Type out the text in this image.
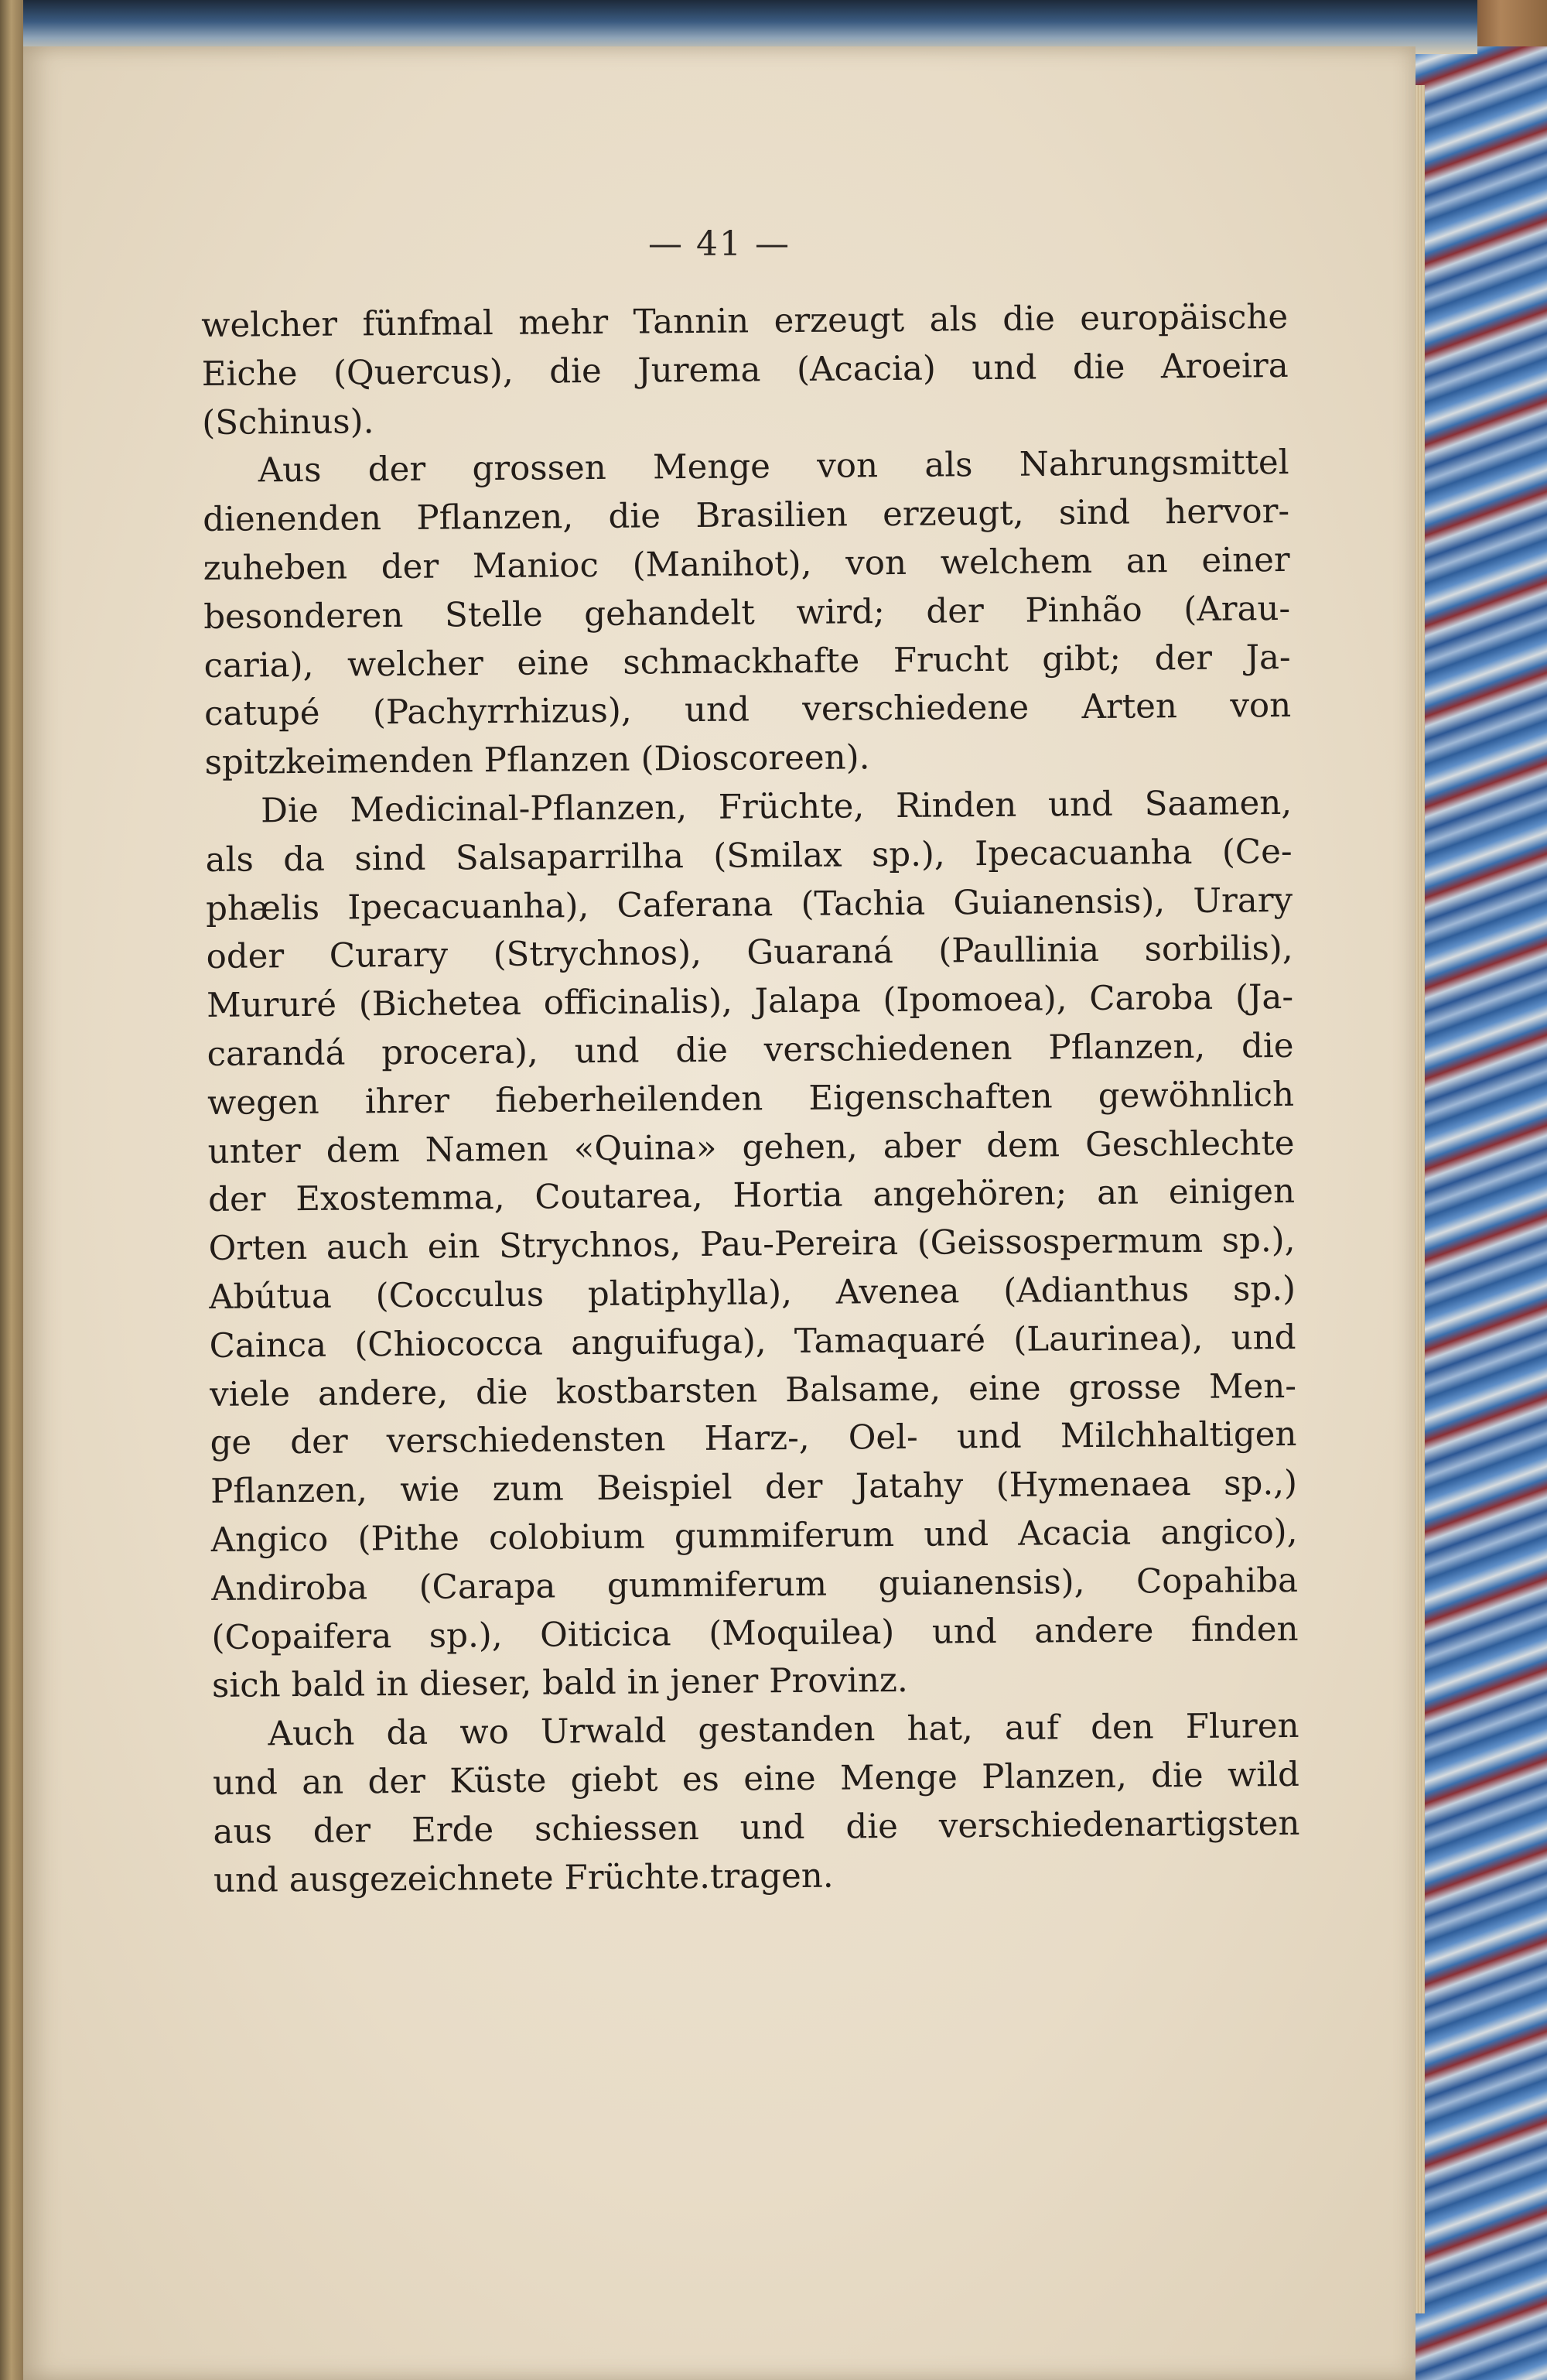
— 41 —
welcher fünfmal mehr Tannin erzeugt als die europäische
Eiche (Quercus), die Jurema (Acacia) und die Aroeira
(Schinus).
Aus der grossen Menge von als Nahrungsmittel
dienenden Pflanzen, die Brasilien erzeugt, sind hervor-
zuheben der Manioc (Manihot), von welchem an einer
besonderen Stelle gehandelt wird; der Pinhão (Arau-
caria), welcher eine schmackhafte Frucht gibt; der Ja-
catupé (Pachyrrhizus), und verschiedene Arten von
spitzkeimenden Pflanzen (Dioscoreen).
Die Medicinal-Pflanzen, Früchte, Rinden und Saamen,
als da sind Salsaparrilha (Smilax sp.), Ipecacuanha (Ce-
phælis Ipecacuanha), Caferana (Tachia Guianensis), Urary
oder Curary (Strychnos), Guaraná (Paullinia sorbilis),
Mururé (Bichetea officinalis), Jalapa (Ipomoea), Caroba (Ja-
carandá procera), und die verschiedenen Pflanzen, die
wegen ihrer fieberheilenden Eigenschaften gewöhnlich
unter dem Namen «Quina» gehen, aber dem Geschlechte
der Exostemma, Coutarea, Hortia angehören; an einigen
Orten auch ein Strychnos, Pau-Pereira (Geissospermum sp.),
Abútua (Cocculus platiphylla), Avenea (Adianthus sp.)
Cainca (Chiococca anguifuga), Tamaquaré (Laurinea), und
viele andere, die kostbarsten Balsame, eine grosse Men-
ge der verschiedensten Harz-, Oel- und Milchhaltigen
Pflanzen, wie zum Beispiel der Jatahy (Hymenaea sp.,)
Angico (Pithe colobium gummiferum und Acacia angico),
Andiroba (Carapa gummiferum guianensis), Copahiba
(Copaifera sp.), Oiticica (Moquilea) und andere finden
sich bald in dieser, bald in jener Provinz.
Auch da wo Urwald gestanden hat, auf den Fluren
und an der Küste giebt es eine Menge Planzen, die wild
aus der Erde schiessen und die verschiedenartigsten
und ausgezeichnete Früchte.tragen.
